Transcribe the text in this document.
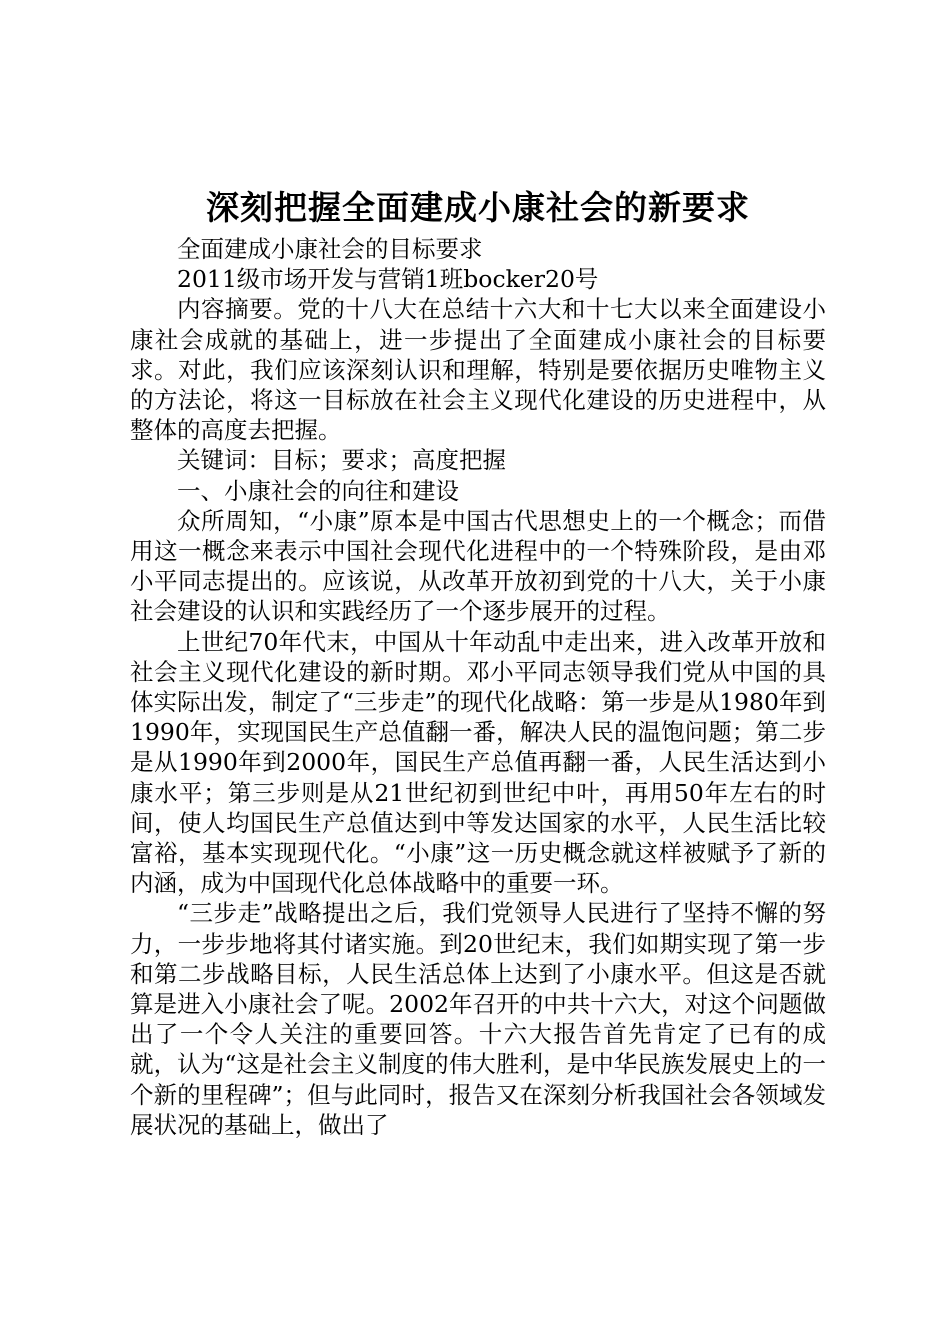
深刻把握全面建成小康社会的新要求

全面建成小康社会的目标要求

2011级市场开发与营销1班bocker20号

内容摘要。党的十八大在总结十六大和十七大以来全面建设小康社会成就的基础上，进一步提出了全面建成小康社会的目标要求。对此，我们应该深刻认识和理解，特别是要依据历史唯物主义的方法论，将这一目标放在社会主义现代化建设的历史进程中，从整体的高度去把握。

关键词：目标；要求；高度把握

一、小康社会的向往和建设

众所周知，“小康”原本是中国古代思想史上的一个概念；而借用这一概念来表示中国社会现代化进程中的一个特殊阶段，是由邓小平同志提出的。应该说，从改革开放初到党的十八大，关于小康社会建设的认识和实践经历了一个逐步展开的过程。

上世纪70年代末，中国从十年动乱中走出来，进入改革开放和社会主义现代化建设的新时期。邓小平同志领导我们党从中国的具体实际出发，制定了“三步走”的现代化战略：第一步是从1980年到1990年，实现国民生产总值翻一番，解决人民的温饱问题；第二步是从1990年到2000年，国民生产总值再翻一番，人民生活达到小康水平；第三步则是从21世纪初到世纪中叶，再用50年左右的时间，使人均国民生产总值达到中等发达国家的水平，人民生活比较富裕，基本实现现代化。“小康”这一历史概念就这样被赋予了新的内涵，成为中国现代化总体战略中的重要一环。

“三步走”战略提出之后，我们党领导人民进行了坚持不懈的努力，一步步地将其付诸实施。到20世纪末，我们如期实现了第一步和第二步战略目标，人民生活总体上达到了小康水平。但这是否就算是进入小康社会了呢。2002年召开的中共十六大，对这个问题做出了一个令人关注的重要回答。十六大报告首先肯定了已有的成就，认为“这是社会主义制度的伟大胜利，是中华民族发展史上的一个新的里程碑”；但与此同时，报告又在深刻分析我国社会各领域发展状况的基础上，做出了
